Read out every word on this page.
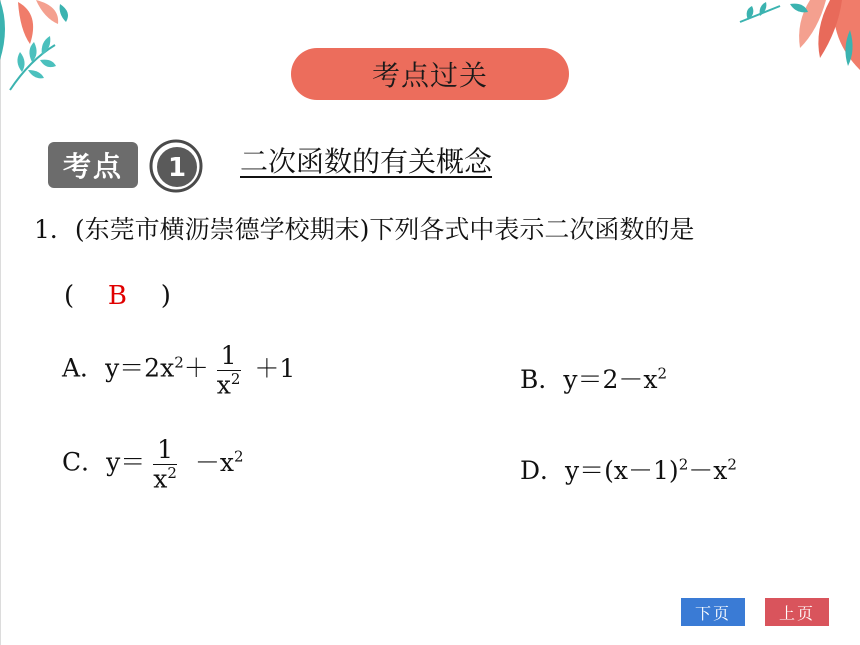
考点过关
考点 1 二次函数的有关概念
1．(东莞市横沥崇德学校期末)下列各式中表示二次函数的是
( B )
A．$y=2x^2+ \frac{1}{x^2} +1$	B．$y=2-x^2$
C．$y= \frac{1}{x^2} -x^2$	D．$y=(x-1)^2-x^2$
下页	上页
